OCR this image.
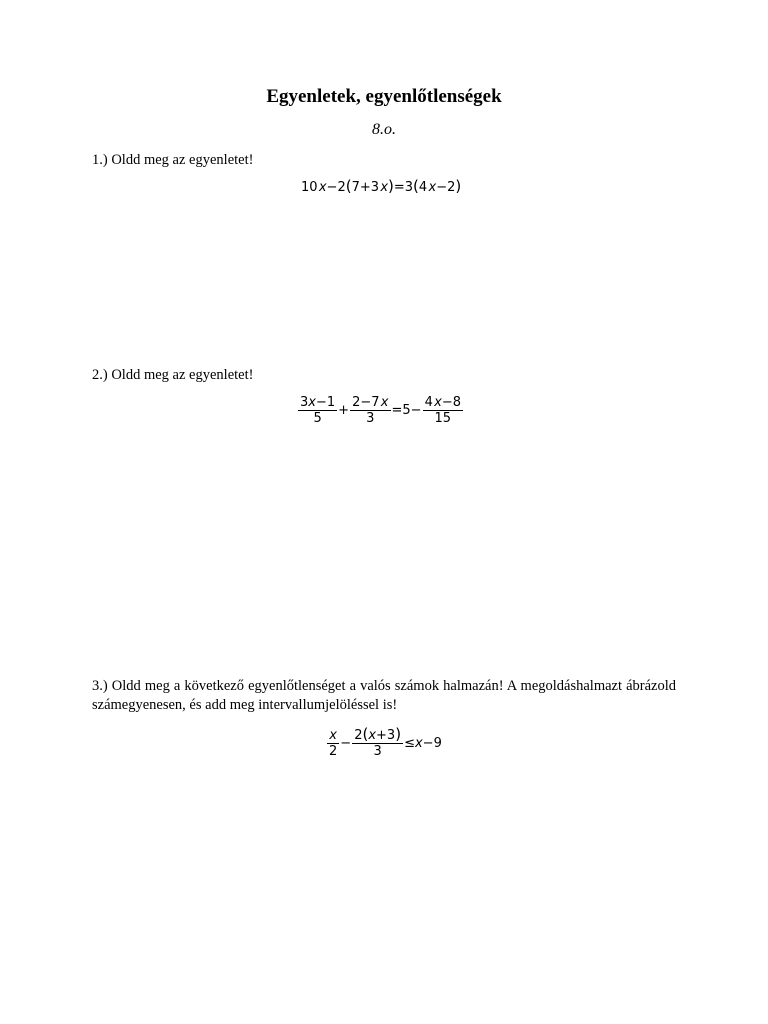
Egyenletek, egyenlőtlenségek
8.o.
1.) Oldd meg az egyenletet!
10 x−2(7+3 x)=3(4 x−2)
2.) Oldd meg az egyenletet!
$\frac{3x-1}{5} + \frac{2-7 x}{3} =5- \frac{4 x-8}{15}$
3.) Oldd meg a következő egyenlőtlenséget a valós számok halmazán! A megoldáshalmazt ábrázold számegyenesen, és add meg intervallumjelöléssel is!
$\frac{x}{2} - \frac{2(x+3)}{3} \le x-9$
